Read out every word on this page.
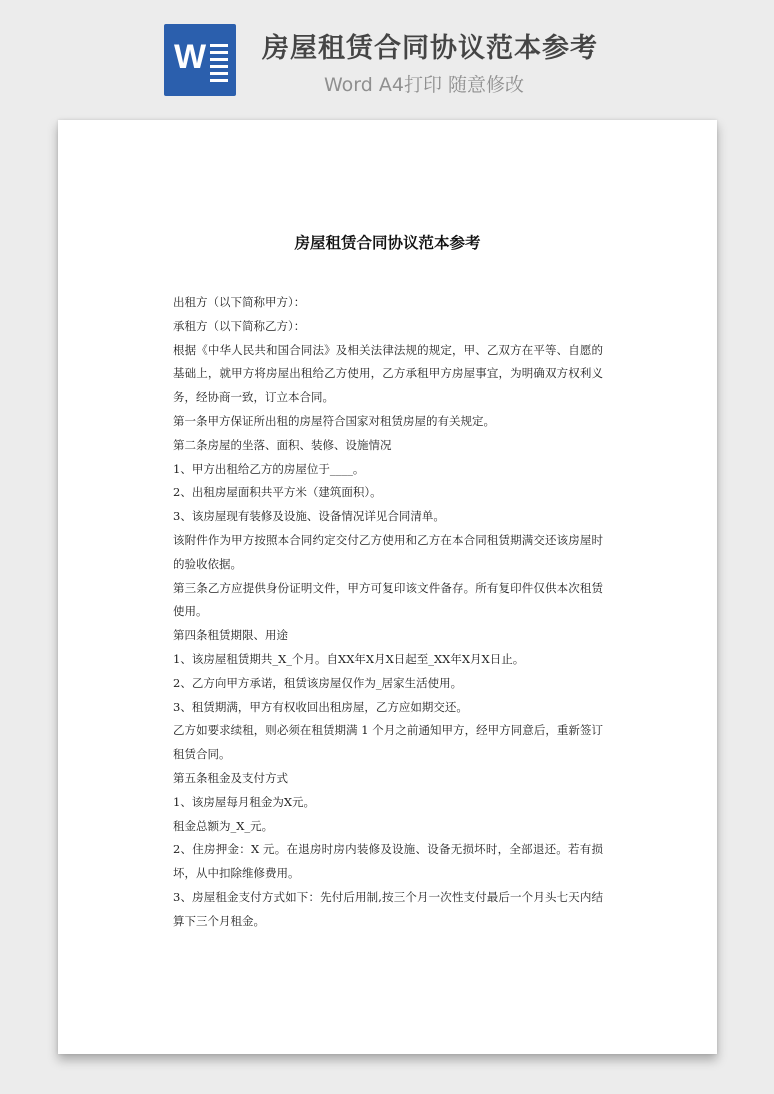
W 房屋租赁合同协议范本参考
Word A4打印 随意修改
房屋租赁合同协议范本参考

出租方（以下简称甲方）：

承租方（以下简称乙方）：

根据《中华人民共和国合同法》及相关法律法规的规定，甲、乙双方在平等、自愿的基础上，就甲方将房屋出租给乙方使用，乙方承租甲方房屋事宜，为明确双方权利义务，经协商一致，订立本合同。

第一条甲方保证所出租的房屋符合国家对租赁房屋的有关规定。

第二条房屋的坐落、面积、装修、设施情况

1、甲方出租给乙方的房屋位于____。

2、出租房屋面积共平方米（建筑面积）。

3、该房屋现有装修及设施、设备情况详见合同清单。

该附件作为甲方按照本合同约定交付乙方使用和乙方在本合同租赁期满交还该房屋时的验收依据。

第三条乙方应提供身份证明文件，甲方可复印该文件备存。所有复印件仅供本次租赁使用。

第四条租赁期限、用途

1、该房屋租赁期共_X_个月。自XX年X月X日起至_XX年X月X日止。

2、乙方向甲方承诺，租赁该房屋仅作为_居家生活使用。

3、租赁期满，甲方有权收回出租房屋，乙方应如期交还。

乙方如要求续租，则必须在租赁期满 1 个月之前通知甲方，经甲方同意后，重新签订租赁合同。

第五条租金及支付方式

1、该房屋每月租金为X元。

租金总额为_X_元。

2、住房押金：X 元。在退房时房内装修及设施、设备无损坏时，全部退还。若有损坏，从中扣除维修费用。

3、房屋租金支付方式如下：先付后用制,按三个月一次性支付最后一个月头七天内结算下三个月租金。
